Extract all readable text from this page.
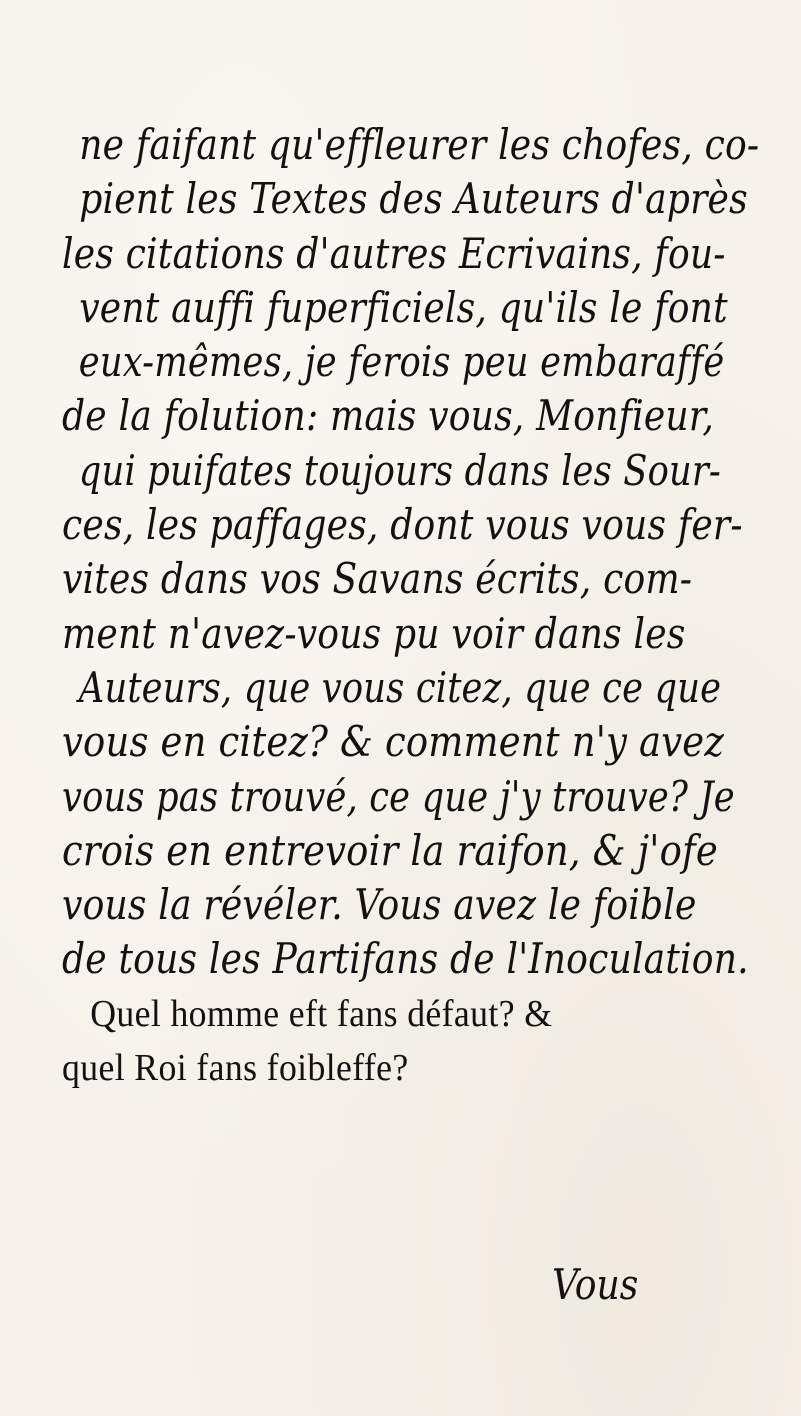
ne faifant qu'effleurer les chofes, co-
pient les Textes des Auteurs d'après
les citations d'autres Ecrivains, fou-
vent auffi fuperficiels, qu'ils le font
eux-mêmes, je ferois peu embaraffé
de la folution: mais vous, Monfieur,
qui puifates toujours dans les Sour-
ces, les paffages, dont vous vous fer-
vites dans vos Savans écrits, com-
ment n'avez-vous pu voir dans les
Auteurs, que vous citez, que ce que
vous en citez? & comment n'y avez
vous pas trouvé, ce que j'y trouve? Je
crois en entrevoir la raifon, & j'ofe
vous la révéler. Vous avez le foible
de tous les Partifans de l'Inoculation.
Quel homme eft fans défaut? &
quel Roi fans foibleffe?
Vous
